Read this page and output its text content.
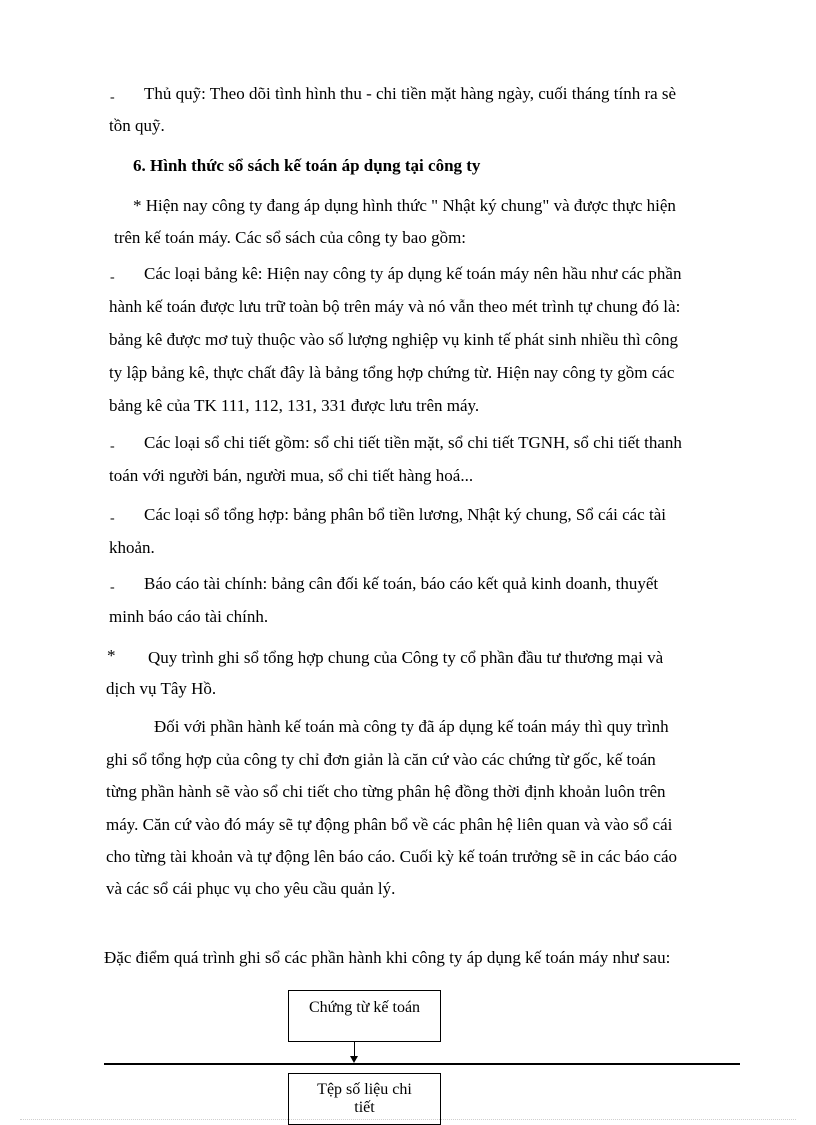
- Thủ quỹ: Theo dõi tình hình thu - chi tiền mặt hàng ngày, cuối tháng tính ra sè
tồn quỹ.
6. Hình thức sổ sách kế toán áp dụng tại công ty
* Hiện nay công ty đang áp dụng hình thức " Nhật ký chung" và được thực hiện
trên kế toán máy. Các sổ sách của công ty bao gồm:
- Các loại bảng kê: Hiện nay công ty áp dụng kế toán máy nên hầu như các phần
hành kế toán được lưu trữ toàn bộ trên máy và nó vẫn theo mét trình tự chung đó là:
bảng kê được mơ tuỳ thuộc vào số lượng nghiệp vụ kinh tế phát sinh nhiều thì công
ty lập bảng kê, thực chất đây là bảng tổng hợp chứng từ. Hiện nay công ty gồm các
bảng kê của TK 111, 112, 131, 331 được lưu trên máy.
- Các loại sổ chi tiết gồm: sổ chi tiết tiền mặt, sổ chi tiết TGNH, sổ chi tiết thanh
toán với người bán, người mua, sổ chi tiết hàng hoá...
- Các loại sổ tổng hợp: bảng phân bổ tiền lương, Nhật ký chung, Sổ cái các tài
khoản.
- Báo cáo tài chính: bảng cân đối kế toán, báo cáo kết quả kinh doanh, thuyết
minh báo cáo tài chính.
* Quy trình ghi sổ tổng hợp chung của Công ty cổ phần đầu tư thương mại và
dịch vụ Tây Hồ.
Đối với phần hành kế toán mà công ty đã áp dụng kế toán máy thì quy trình
ghi sổ tổng hợp của công ty chỉ đơn giản là căn cứ vào các chứng từ gốc, kế toán
từng phần hành sẽ vào sổ chi tiết cho từng phân hệ đồng thời định khoản luôn trên
máy. Căn cứ vào đó máy sẽ tự động phân bổ về các phân hệ liên quan và vào sổ cái
cho từng tài khoản và tự động lên báo cáo. Cuối kỳ kế toán trưởng sẽ in các báo cáo
và các sổ cái phục vụ cho yêu cầu quản lý.
Đặc điểm quá trình ghi sổ các phần hành khi công ty áp dụng kế toán máy như sau:
Chứng từ kế toán
Tệp số liệu chi
tiết
